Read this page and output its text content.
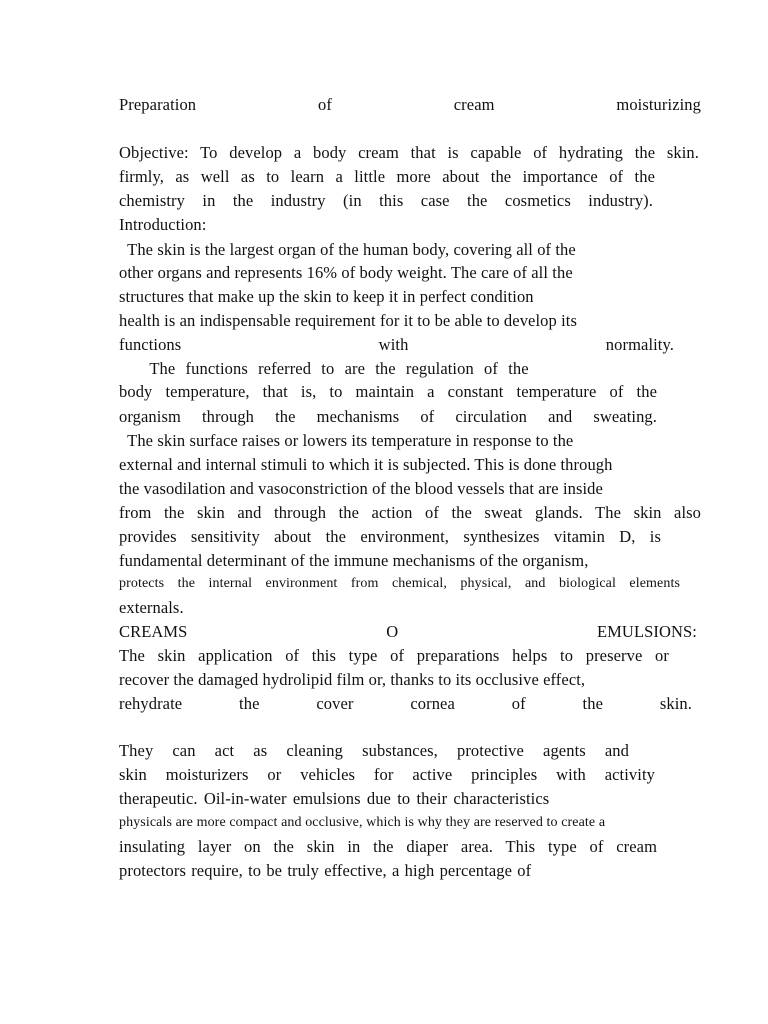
Preparation of cream moisturizing
Objective: To develop a body cream that is capable of hydrating the skin.
firmly, as well as to learn a little more about the importance of the
chemistry in the industry (in this case the cosmetics industry).
Introduction:
The skin is the largest organ of the human body, covering all of the
other organs and represents 16% of body weight. The care of all the
structures that make up the skin to keep it in perfect condition
health is an indispensable requirement for it to be able to develop its
functions with normality.
The functions referred to are the regulation of the
body temperature, that is, to maintain a constant temperature of the
organism through the mechanisms of circulation and sweating.
The skin surface raises or lowers its temperature in response to the
external and internal stimuli to which it is subjected. This is done through
the vasodilation and vasoconstriction of the blood vessels that are inside
from the skin and through the action of the sweat glands. The skin also
provides sensitivity about the environment, synthesizes vitamin D, is
fundamental determinant of the immune mechanisms of the organism,
protects the internal environment from chemical, physical, and biological elements
externals.
CREAMS O EMULSIONS:
The skin application of this type of preparations helps to preserve or
recover the damaged hydrolipid film or, thanks to its occlusive effect,
rehydrate the cover cornea of the skin.
They can act as cleaning substances, protective agents and
skin moisturizers or vehicles for active principles with activity
therapeutic. Oil-in-water emulsions due to their characteristics
physicals are more compact and occlusive, which is why they are reserved to create a
insulating layer on the skin in the diaper area. This type of cream
protectors require, to be truly effective, a high percentage of
